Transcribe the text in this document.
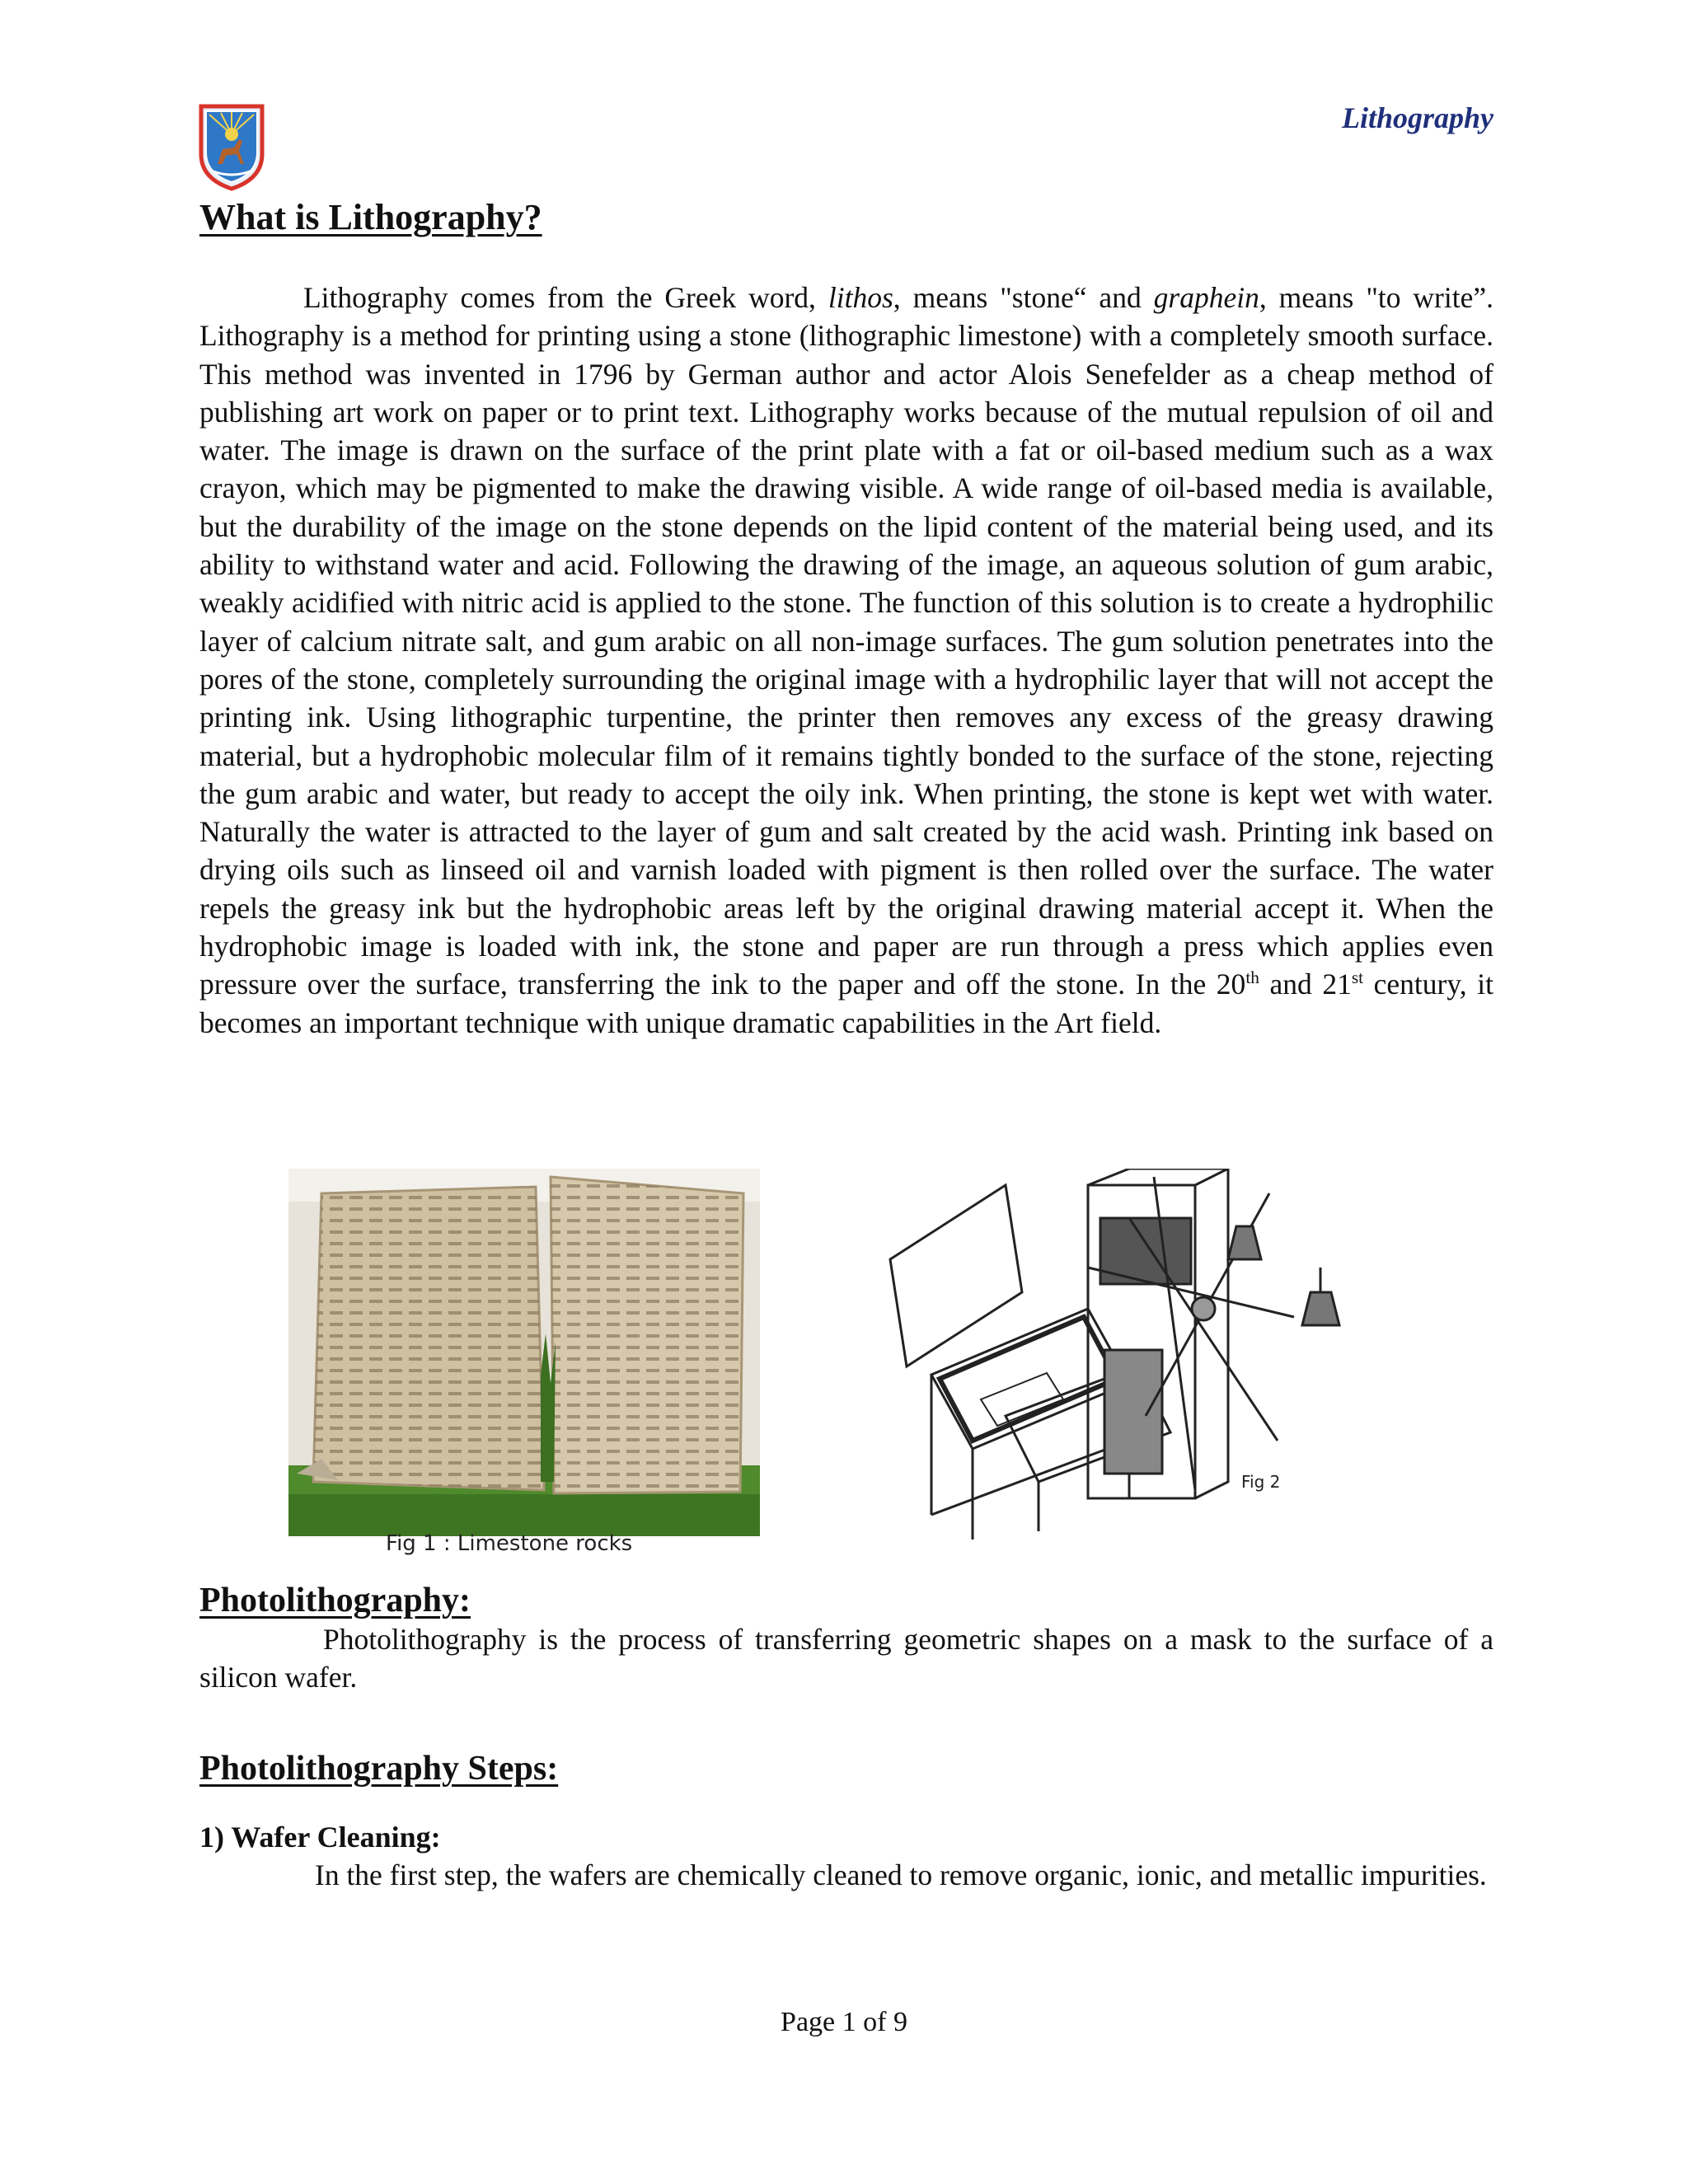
Lithography
What is Lithography?

Lithography comes from the Greek word, lithos, means "stone“ and graphein, means "to write”. Lithography is a method for printing using a stone (lithographic limestone) with a completely smooth surface. This method was invented in 1796 by German author and actor Alois Senefelder as a cheap method of publishing art work on paper or to print text. Lithography works because of the mutual repulsion of oil and water. The image is drawn on the surface of the print plate with a fat or oil-based medium such as a wax crayon, which may be pigmented to make the drawing visible. A wide range of oil-based media is available, but the durability of the image on the stone depends on the lipid content of the material being used, and its ability to withstand water and acid. Following the drawing of the image, an aqueous solution of gum arabic, weakly acidified with nitric acid is applied to the stone. The function of this solution is to create a hydrophilic layer of calcium nitrate salt, and gum arabic on all non-image surfaces. The gum solution penetrates into the pores of the stone, completely surrounding the original image with a hydrophilic layer that will not accept the printing ink. Using lithographic turpentine, the printer then removes any excess of the greasy drawing material, but a hydrophobic molecular film of it remains tightly bonded to the surface of the stone, rejecting the gum arabic and water, but ready to accept the oily ink. When printing, the stone is kept wet with water. Naturally the water is attracted to the layer of gum and salt created by the acid wash. Printing ink based on drying oils such as linseed oil and varnish loaded with pigment is then rolled over the surface. The water repels the greasy ink but the hydrophobic areas left by the original drawing material accept it. When the hydrophobic image is loaded with ink, the stone and paper are run through a press which applies even pressure over the surface, transferring the ink to the paper and off the stone. In the 20th and 21st century, it becomes an important technique with unique dramatic capabilities in the Art field.

Fig 1 : Limestone rocks
Fig 2
Photolithography:

Photolithography is the process of transferring geometric shapes on a mask to the surface of a silicon wafer.

Photolithography Steps:
1) Wafer Cleaning:

In the first step, the wafers are chemically cleaned to remove organic, ionic, and metallic impurities.

Page 1 of 9
